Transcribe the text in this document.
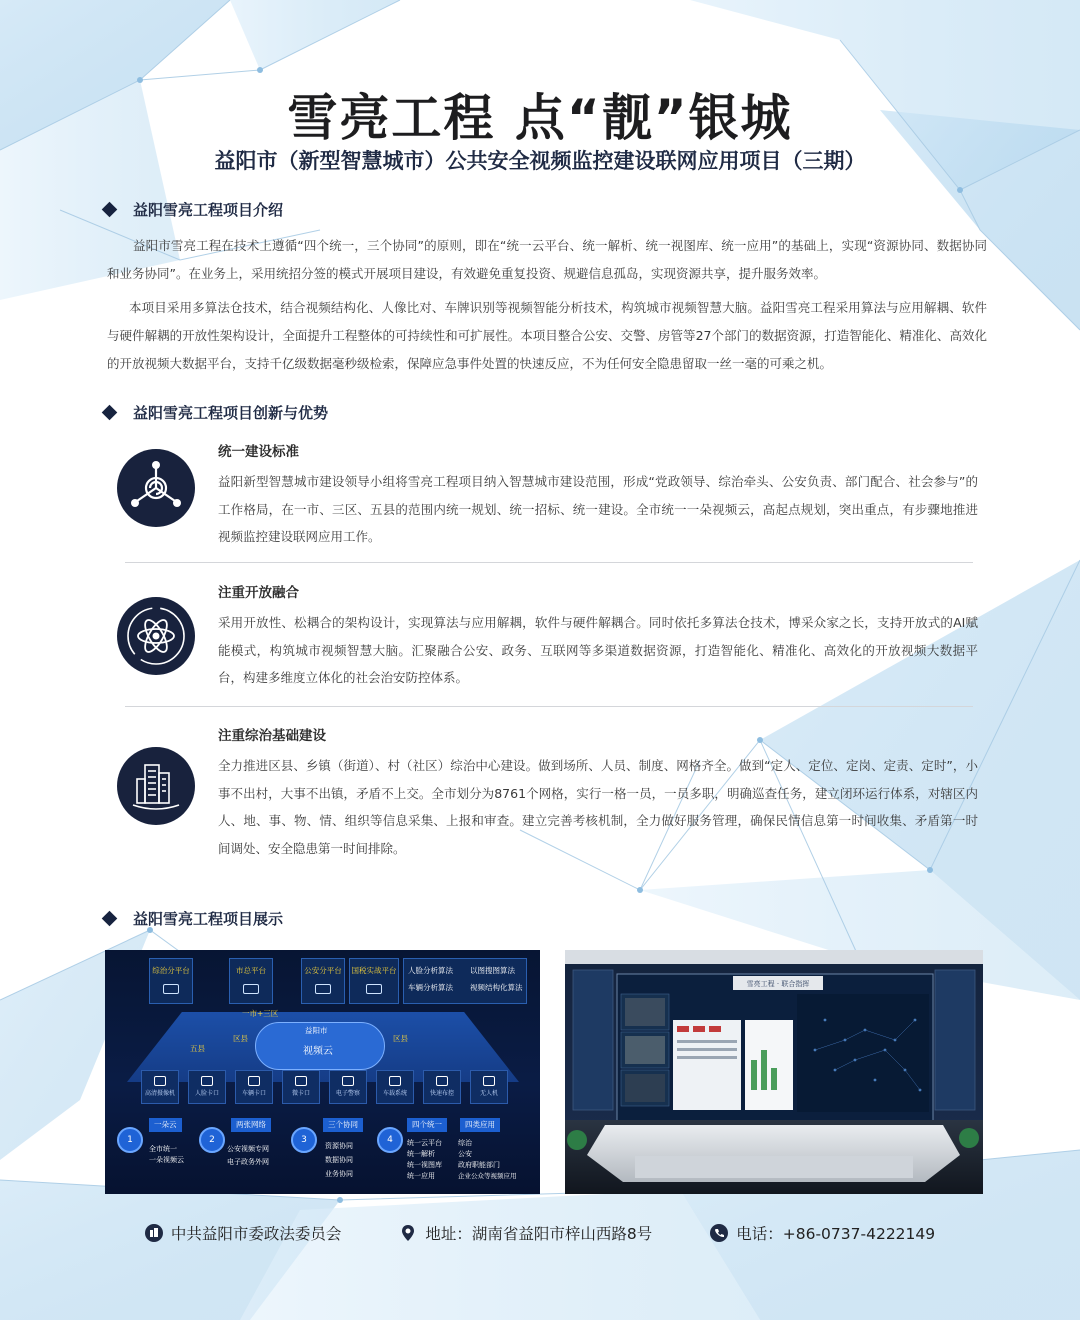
雪亮工程 点“靓”银城
益阳市（新型智慧城市）公共安全视频监控建设联网应用项目（三期）
益阳雪亮工程项目介绍

益阳市雪亮工程在技术上遵循“四个统一，三个协同”的原则，即在“统一云平台、统一解析、统一视图库、统一应用”的基础上，实现“资源协同、数据协同和业务协同”。在业务上，采用统招分签的模式开展项目建设，有效避免重复投资、规避信息孤岛，实现资源共享，提升服务效率。

本项目采用多算法仓技术，结合视频结构化、人像比对、车牌识别等视频智能分析技术，构筑城市视频智慧大脑。益阳雪亮工程采用算法与应用解耦、软件与硬件解耦的开放性架构设计，全面提升工程整体的可持续性和可扩展性。本项目整合公安、交警、房管等27个部门的数据资源，打造智能化、精准化、高效化的开放视频大数据平台，支持千亿级数据毫秒级检索，保障应急事件处置的快速反应，不为任何安全隐患留取一丝一毫的可乘之机。

益阳雪亮工程项目创新与优势
统一建设标准

益阳新型智慧城市建设领导小组将雪亮工程项目纳入智慧城市建设范围，形成“党政领导、综治牵头、公安负责、部门配合、社会参与”的工作格局，在一市、三区、五县的范围内统一规划、统一招标、统一建设。全市统一一朵视频云，高起点规划，突出重点，有步骤地推进视频监控建设联网应用工作。

注重开放融合

采用开放性、松耦合的架构设计，实现算法与应用解耦，软件与硬件解耦合。同时依托多算法仓技术，博采众家之长，支持开放式的AI赋能模式，构筑城市视频智慧大脑。汇聚融合公安、政务、互联网等多渠道数据资源，打造智能化、精准化、高效化的开放视频大数据平台，构建多维度立体化的社会治安防控体系。

注重综治基础建设

全力推进区县、乡镇（街道）、村（社区）综治中心建设。做到场所、人员、制度、网格齐全。做到“定人、定位、定岗、定责、定时”，小事不出村，大事不出镇，矛盾不上交。全市划分为8761个网格，实行一格一员，一员多职，明确巡查任务，建立闭环运行体系，对辖区内人、地、事、物、情、组织等信息采集、上报和审查。建立完善考核机制，全力做好服务管理，确保民情信息第一时间收集、矛盾第一时间调处、安全隐患第一时间排除。

益阳雪亮工程项目展示
综治分平台	市总平台	公安分平台	国税实战平台 人脸分析算法 以图搜图算法
车辆分析算法 视频结构化算法
一市+三区
五县
区县	区县
益阳市
视频云
高清摄像机	人脸卡口	车辆卡口	微卡口	电子警察	车载系统	快速布控	无人机
1
一朵云
全市统一
一朵视频云
2
两张网络
公安视频专网
电子政务外网
3
三个协同
资源协同
数据协同
业务协同
4
四个统一
统一云平台
统一解析
统一视图库
统一应用
四类应用
综治
公安
政府职能部门
企业公众等视频应用
雪亮工程 · 联合指挥
中共益阳市委政法委员会	地址：湖南省益阳市梓山西路8号	电话：+86-0737-4222149
